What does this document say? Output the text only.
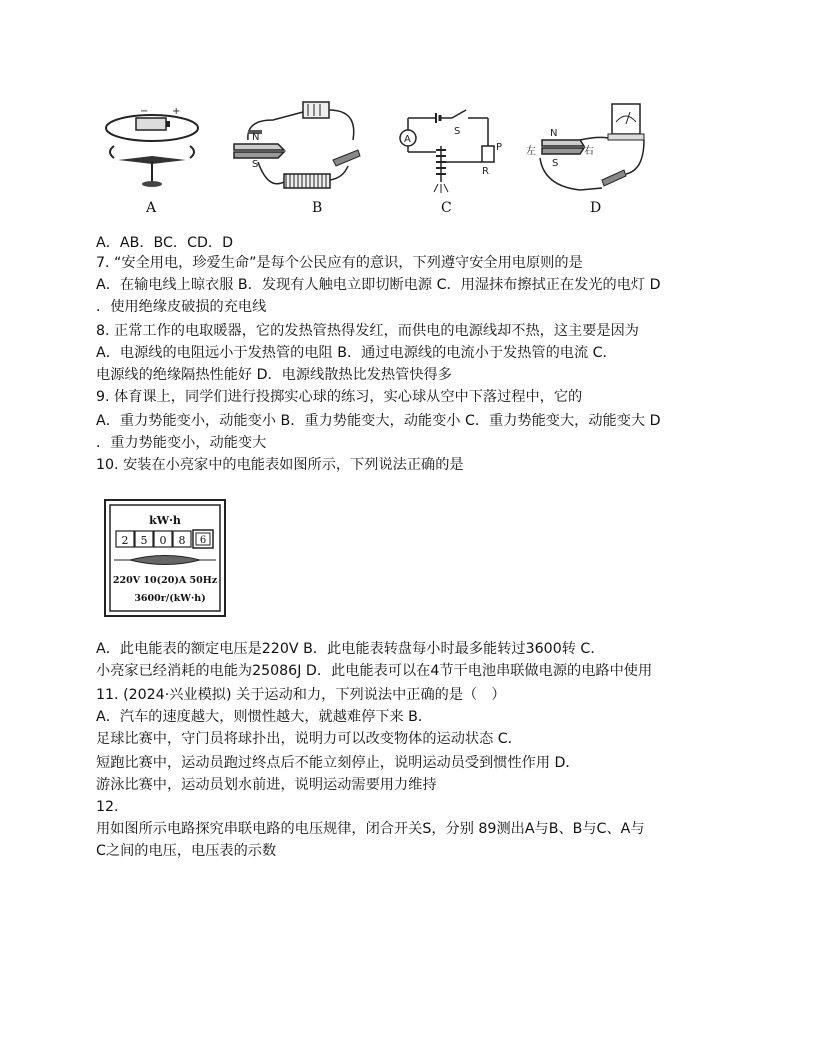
− +
A
N
S
B
A
S
P
R
C
左	右
N
S
D
A．AB．BC．CD．D
7. “安全用电，珍爱生命”是每个公民应有的意识，下列遵守安全用电原则的是
A．在输电线上晾衣服 B．发现有人触电立即切断电源 C．用湿抹布擦拭正在发光的电灯 D
．使用绝缘皮破损的充电线
8. 正常工作的电取暖器，它的发热管热得发红，而供电的电源线却不热，这主要是因为
A．电源线的电阻远小于发热管的电阻 B．通过电源线的电流小于发热管的电流 C．
电源线的绝缘隔热性能好 D．电源线散热比发热管快得多
9. 体育课上，同学们进行投掷实心球的练习，实心球从空中下落过程中，它的
A．重力势能变小，动能变小 B．重力势能变大，动能变小 C．重力势能变大，动能变大 D
．重力势能变小，动能变大
10. 安装在小亮家中的电能表如图所示，下列说法正确的是
kW·h
2 5 0 8 6
220V 10(20)A 50Hz
3600r/(kW·h)
A．此电能表的额定电压是220V B．此电能表转盘每小时最多能转过3600转 C．
小亮家已经消耗的电能为25086J D．此电能表可以在4节干电池串联做电源的电路中使用
11. (2024·兴业模拟) 关于运动和力，下列说法中正确的是（　）
A．汽车的速度越大，则惯性越大，就越难停下来 B．
足球比赛中，守门员将球扑出，说明力可以改变物体的运动状态 C．
短跑比赛中，运动员跑过终点后不能立刻停止，说明运动员受到惯性作用 D．
游泳比赛中，运动员划水前进，说明运动需要用力维持
12.
用如图所示电路探究串联电路的电压规律，闭合开关S，分别 89测出A与B、B与C、A与
C之间的电压，电压表的示数
